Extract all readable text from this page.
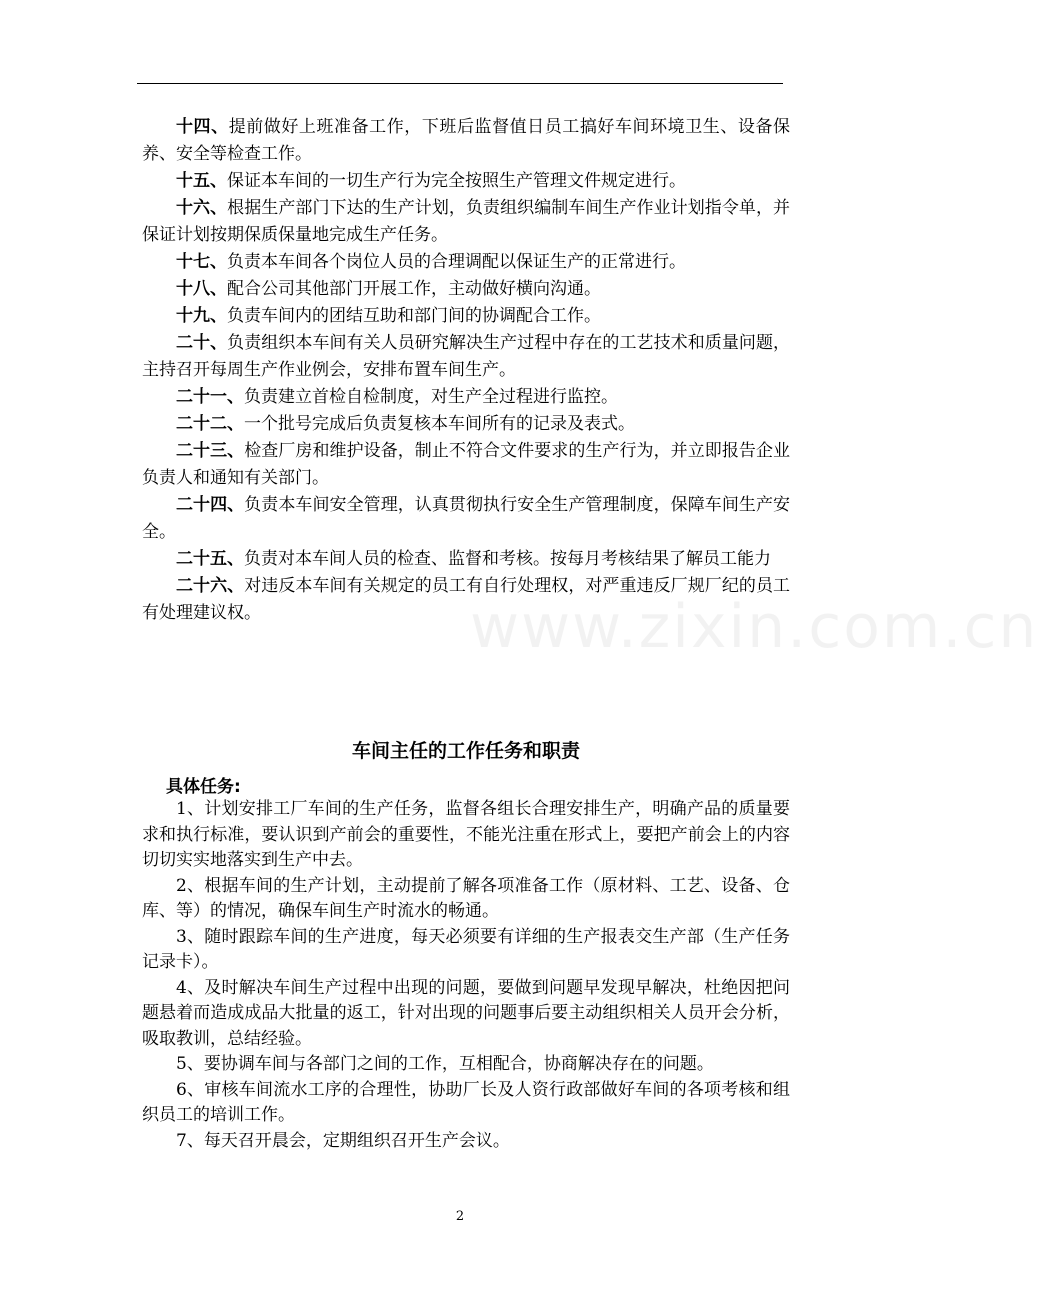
十四、提前做好上班准备工作，下班后监督值日员工搞好车间环境卫生、设备保养、安全等检查工作。

十五、保证本车间的一切生产行为完全按照生产管理文件规定进行。

十六、根据生产部门下达的生产计划，负责组织编制车间生产作业计划指令单，并保证计划按期保质保量地完成生产任务。

十七、负责本车间各个岗位人员的合理调配以保证生产的正常进行。

十八、配合公司其他部门开展工作，主动做好横向沟通。

十九、负责车间内的团结互助和部门间的协调配合工作。

二十、负责组织本车间有关人员研究解决生产过程中存在的工艺技术和质量问题，主持召开每周生产作业例会，安排布置车间生产。

二十一、负责建立首检自检制度，对生产全过程进行监控。

二十二、一个批号完成后负责复核本车间所有的记录及表式。

二十三、检查厂房和维护设备，制止不符合文件要求的生产行为，并立即报告企业负责人和通知有关部门。

二十四、负责本车间安全管理，认真贯彻执行安全生产管理制度，保障车间生产安全。

二十五、负责对本车间人员的检查、监督和考核。按每月考核结果了解员工能力

二十六、对违反本车间有关规定的员工有自行处理权，对严重违反厂规厂纪的员工有处理建议权。	www.zixin.com.cn
车间主任的工作任务和职责

具体任务:

1、计划安排工厂车间的生产任务，监督各组长合理安排生产，明确产品的质量要求和执行标准，要认识到产前会的重要性，不能光注重在形式上，要把产前会上的内容切切实实地落实到生产中去。

2、根据车间的生产计划，主动提前了解各项准备工作（原材料、工艺、设备、仓库、等）的情况，确保车间生产时流水的畅通。

3、随时跟踪车间的生产进度，每天必须要有详细的生产报表交生产部（生产任务记录卡）。

4、及时解决车间生产过程中出现的问题，要做到问题早发现早解决，杜绝因把问题悬着而造成成品大批量的返工，针对出现的问题事后要主动组织相关人员开会分析，吸取教训，总结经验。

5、要协调车间与各部门之间的工作，互相配合，协商解决存在的问题。

6、审核车间流水工序的合理性，协助厂长及人资行政部做好车间的各项考核和组织员工的培训工作。

7、每天召开晨会，定期组织召开生产会议。

2
